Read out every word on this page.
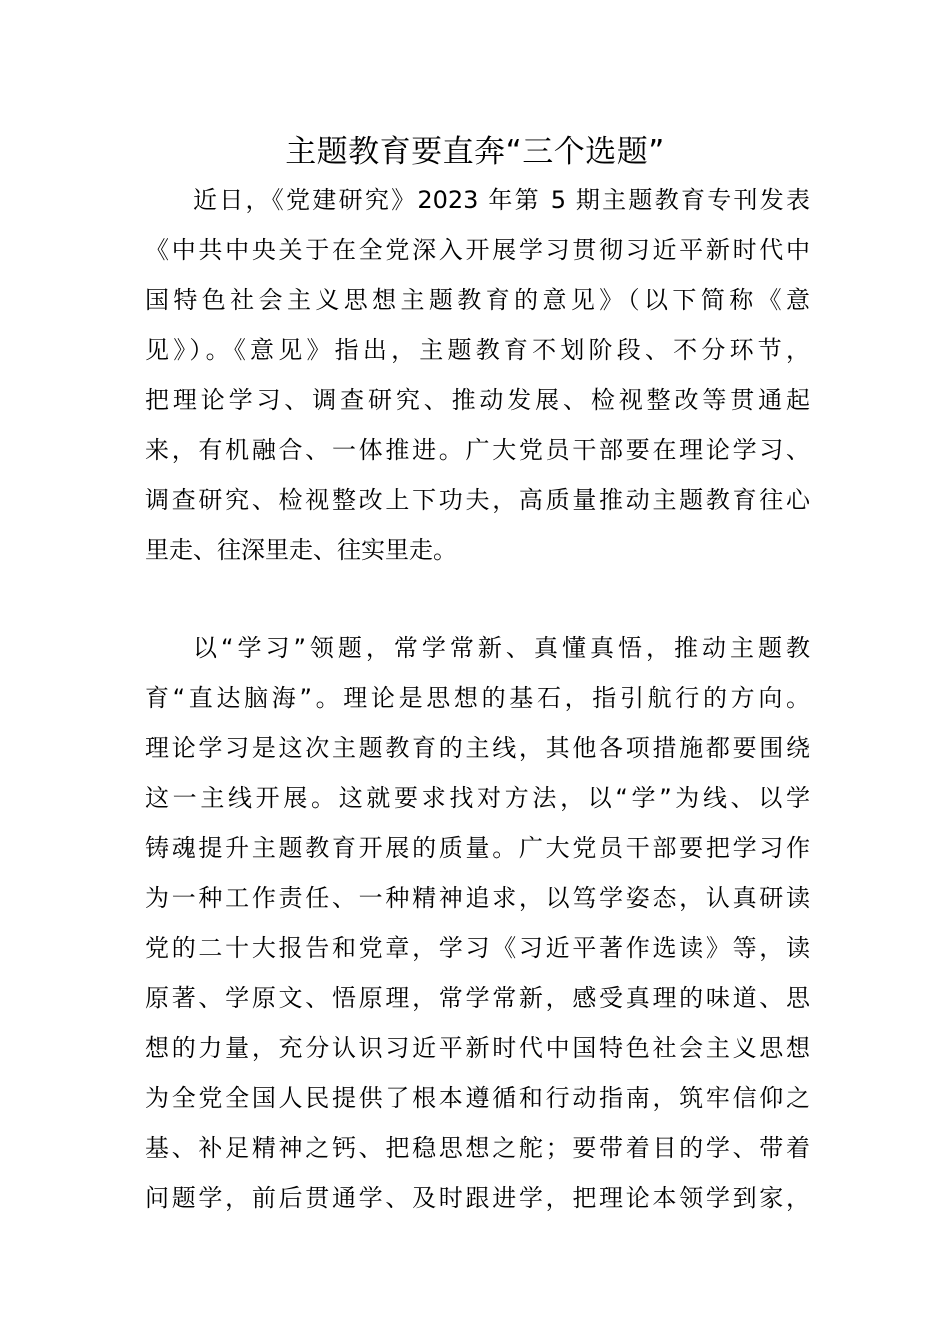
主题教育要直奔“三个选题”
近日，《党建研究》2023 年第 5 期主题教育专刊发表
《中共中央关于在全党深入开展学习贯彻习近平新时代中
国特色社会主义思想主题教育的意见》（以下简称《意
见》）。《意见》指出，主题教育不划阶段、不分环节，
把理论学习、调查研究、推动发展、检视整改等贯通起
来，有机融合、一体推进。广大党员干部要在理论学习、
调查研究、检视整改上下功夫，高质量推动主题教育往心
里走、往深里走、往实里走。
以“学习”领题，常学常新、真懂真悟，推动主题教
育“直达脑海”。理论是思想的基石，指引航行的方向。
理论学习是这次主题教育的主线，其他各项措施都要围绕
这一主线开展。这就要求找对方法，以“学”为线、以学
铸魂提升主题教育开展的质量。广大党员干部要把学习作
为一种工作责任、一种精神追求，以笃学姿态，认真研读
党的二十大报告和党章，学习《习近平著作选读》等，读
原著、学原文、悟原理，常学常新，感受真理的味道、思
想的力量，充分认识习近平新时代中国特色社会主义思想
为全党全国人民提供了根本遵循和行动指南，筑牢信仰之
基、补足精神之钙、把稳思想之舵；要带着目的学、带着
问题学，前后贯通学、及时跟进学，把理论本领学到家，
